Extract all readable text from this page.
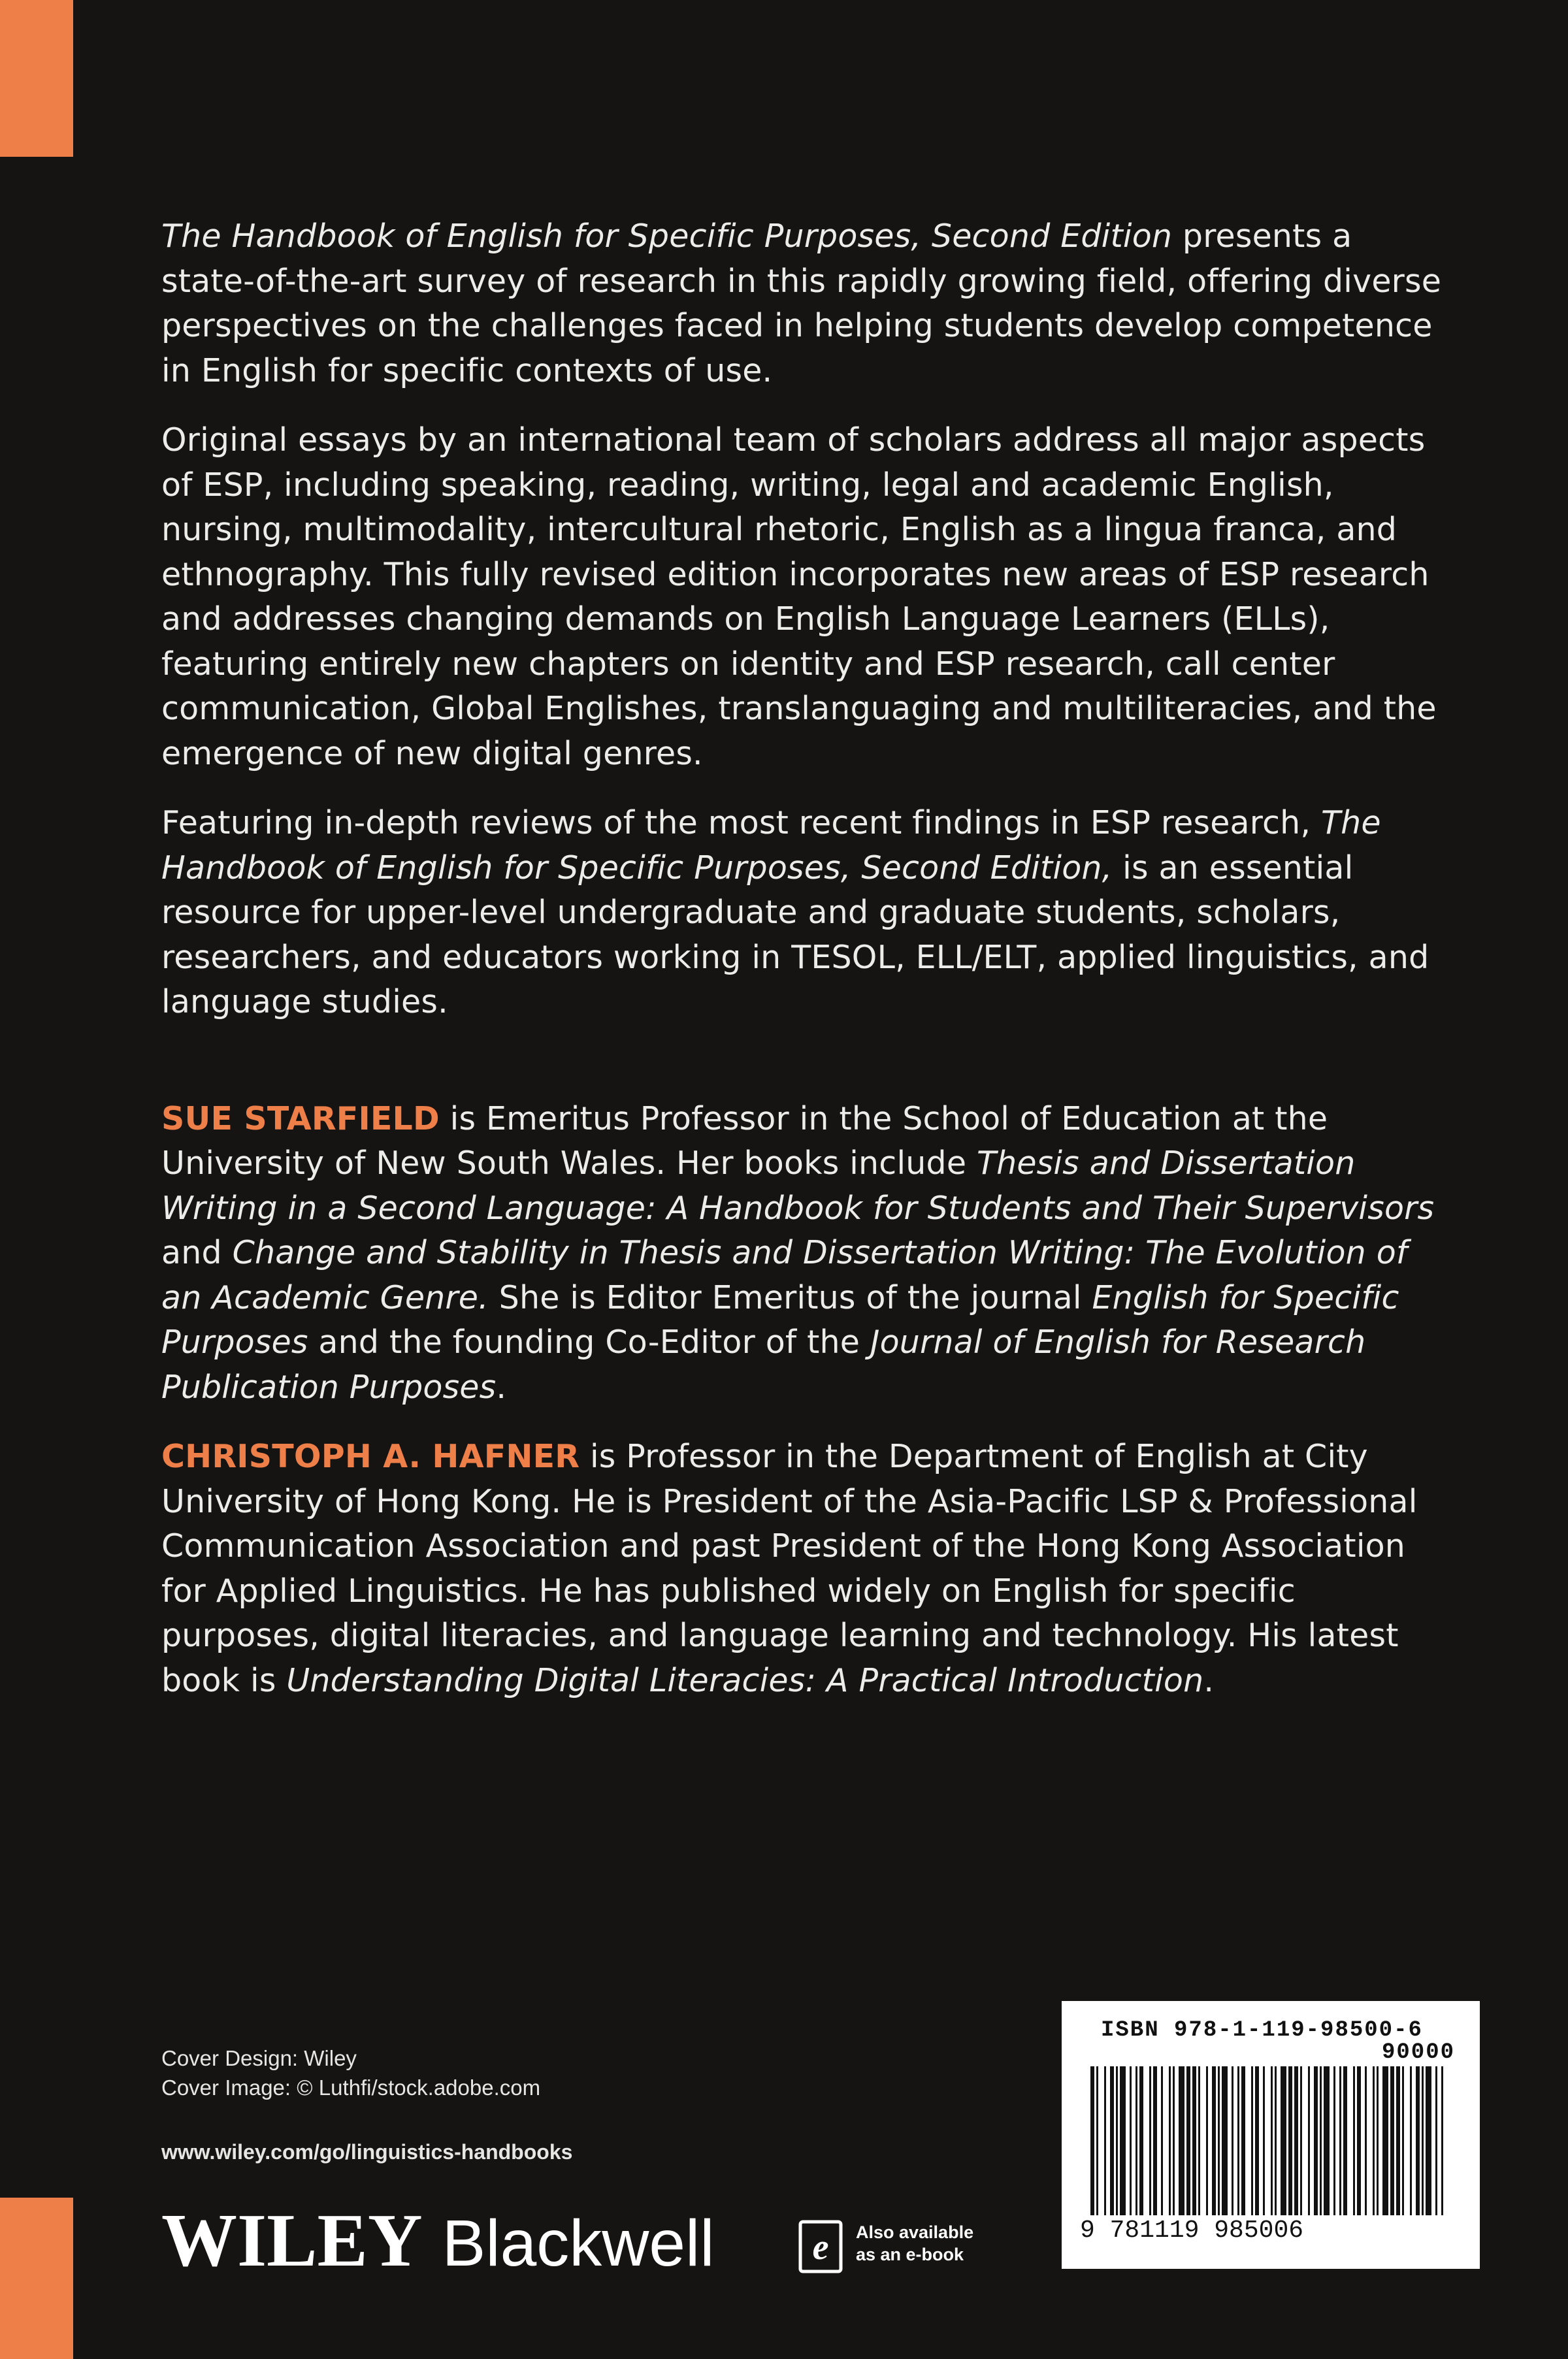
The Handbook of English for Specific Purposes, Second Edition presents a state-of-the-art survey of research in this rapidly growing field, offering diverse perspectives on the challenges faced in helping students develop competence in English for specific contexts of use.

Original essays by an international team of scholars address all major aspects of ESP, including speaking, reading, writing, legal and academic English, nursing, multimodality, intercultural rhetoric, English as a lingua franca, and ethnography. This fully revised edition incorporates new areas of ESP research and addresses changing demands on English Language Learners (ELLs), featuring entirely new chapters on identity and ESP research, call center communication, Global Englishes, translanguaging and multiliteracies, and the emergence of new digital genres.

Featuring in-depth reviews of the most recent findings in ESP research, The Handbook of English for Specific Purposes, Second Edition, is an essential resource for upper-level undergraduate and graduate students, scholars, researchers, and educators working in TESOL, ELL/ELT, applied linguistics, and language studies.

SUE STARFIELD is Emeritus Professor in the School of Education at the University of New South Wales. Her books include Thesis and Dissertation Writing in a Second Language: A Handbook for Students and Their Supervisors and Change and Stability in Thesis and Dissertation Writing: The Evolution of an Academic Genre. She is Editor Emeritus of the journal English for Specific Purposes and the founding Co-Editor of the Journal of English for Research Publication Purposes.

CHRISTOPH A. HAFNER is Professor in the Department of English at City University of Hong Kong. He is President of the Asia-Pacific LSP & Professional Communication Association and past President of the Hong Kong Association for Applied Linguistics. He has published widely on English for specific purposes, digital literacies, and language learning and technology. His latest book is Understanding Digital Literacies: A Practical Introduction.

Cover Design: Wiley
Cover Image: © Luthfi/stock.adobe.com
www.wiley.com/go/linguistics-handbooks
WILEY Blackwell	e Also available
as an e-book
ISBN 978-1-119-98500-6
90000
9 781119 985006
